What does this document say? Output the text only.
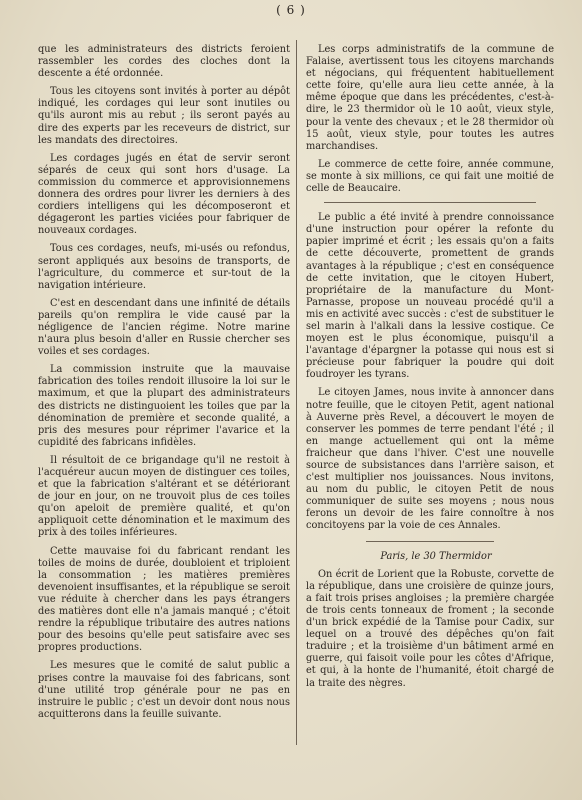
( 6 )

que les administrateurs des districts feroient rassembler les cordes des cloches dont la descente a été ordonnée.

Tous les citoyens sont invités à porter au dépôt indiqué, les cordages qui leur sont inutiles ou qu'ils auront mis au rebut ; ils seront payés au dire des experts par les receveurs de district, sur les mandats des directoires.

Les cordages jugés en état de servir seront séparés de ceux qui sont hors d'usage. La commission du commerce et approvisionnemens donnera des ordres pour livrer les derniers à des cordiers intelligens qui les décomposeront et dégageront les parties viciées pour fabriquer de nouveaux cordages.

Tous ces cordages, neufs, mi-usés ou refondus, seront appliqués aux besoins de transports, de l'agriculture, du commerce et sur-tout de la navigation intérieure.

C'est en descendant dans une infinité de détails pareils qu'on remplira le vide causé par la négligence de l'ancien régime. Notre marine n'aura plus besoin d'aller en Russie chercher ses voiles et ses cordages.

La commission instruite que la mauvaise fabrication des toiles rendoit illusoire la loi sur le maximum, et que la plupart des administrateurs des districts ne distinguoient les toiles que par la dénomination de première et seconde qualité, a pris des mesures pour réprimer l'avarice et la cupidité des fabricans infidèles.

Il résultoit de ce brigandage qu'il ne restoit à l'acquéreur aucun moyen de distinguer ces toiles, et que la fabrication s'altérant et se détériorant de jour en jour, on ne trouvoit plus de ces toiles qu'on apeloit de première qualité, et qu'on appliquoit cette dénomination et le maximum des prix à des toiles inférieures.

Cette mauvaise foi du fabricant rendant les toiles de moins de durée, doubloient et triploient la consommation ; les matières premières devenoient insuffisantes, et la république se seroit vue réduite à chercher dans les pays étrangers des matières dont elle n'a jamais manqué ; c'étoit rendre la république tributaire des autres nations pour des besoins qu'elle peut satisfaire avec ses propres productions.

Les mesures que le comité de salut public a prises contre la mauvaise foi des fabricans, sont d'une utilité trop générale pour ne pas en instruire le public ; c'est un devoir dont nous nous acquitterons dans la feuille suivante.

Les corps administratifs de la commune de Falaise, avertissent tous les citoyens marchands et négocians, qui fréquentent habituellement cette foire, qu'elle aura lieu cette année, à la même époque que dans les précédentes, c'est-à-dire, le 23 thermidor où le 10 août, vieux style, pour la vente des chevaux ; et le 28 thermidor où 15 août, vieux style, pour toutes les autres marchandises.

Le commerce de cette foire, année commune, se monte à six millions, ce qui fait une moitié de celle de Beaucaire.

Le public a été invité à prendre connoissance d'une instruction pour opérer la refonte du papier imprimé et écrit ; les essais qu'on a faits de cette découverte, promettent de grands avantages à la république ; c'est en conséquence de cette invitation, que le citoyen Hubert, propriétaire de la manufacture du Mont-Parnasse, propose un nouveau procédé qu'il a mis en activité avec succès : c'est de substituer le sel marin à l'alkali dans la lessive costique. Ce moyen est le plus économique, puisqu'il a l'avantage d'épargner la potasse qui nous est si précieuse pour fabriquer la poudre qui doit foudroyer les tyrans.

Le citoyen James, nous invite à annoncer dans notre feuille, que le citoyen Petit, agent national à Auverne près Revel, a découvert le moyen de conserver les pommes de terre pendant l'été ; il en mange actuellement qui ont la même fraicheur que dans l'hiver. C'est une nouvelle source de subsistances dans l'arrière saison, et c'est multiplier nos jouissances. Nous invitons, au nom du public, le citoyen Petit de nous communiquer de suite ses moyens ; nous nous ferons un devoir de les faire connoître à nos concitoyens par la voie de ces Annales.

Paris, le 30 Thermidor

On écrit de Lorient que la Robuste, corvette de la république, dans une croisière de quinze jours, a fait trois prises angloises ; la première chargée de trois cents tonneaux de froment ; la seconde d'un brick expédié de la Tamise pour Cadix, sur lequel on a trouvé des dépêches qu'on fait traduire ; et la troisième d'un bâtiment armé en guerre, qui faisoit voile pour les côtes d'Afrique, et qui, à la honte de l'humanité, étoit chargé de la traite des nègres.
